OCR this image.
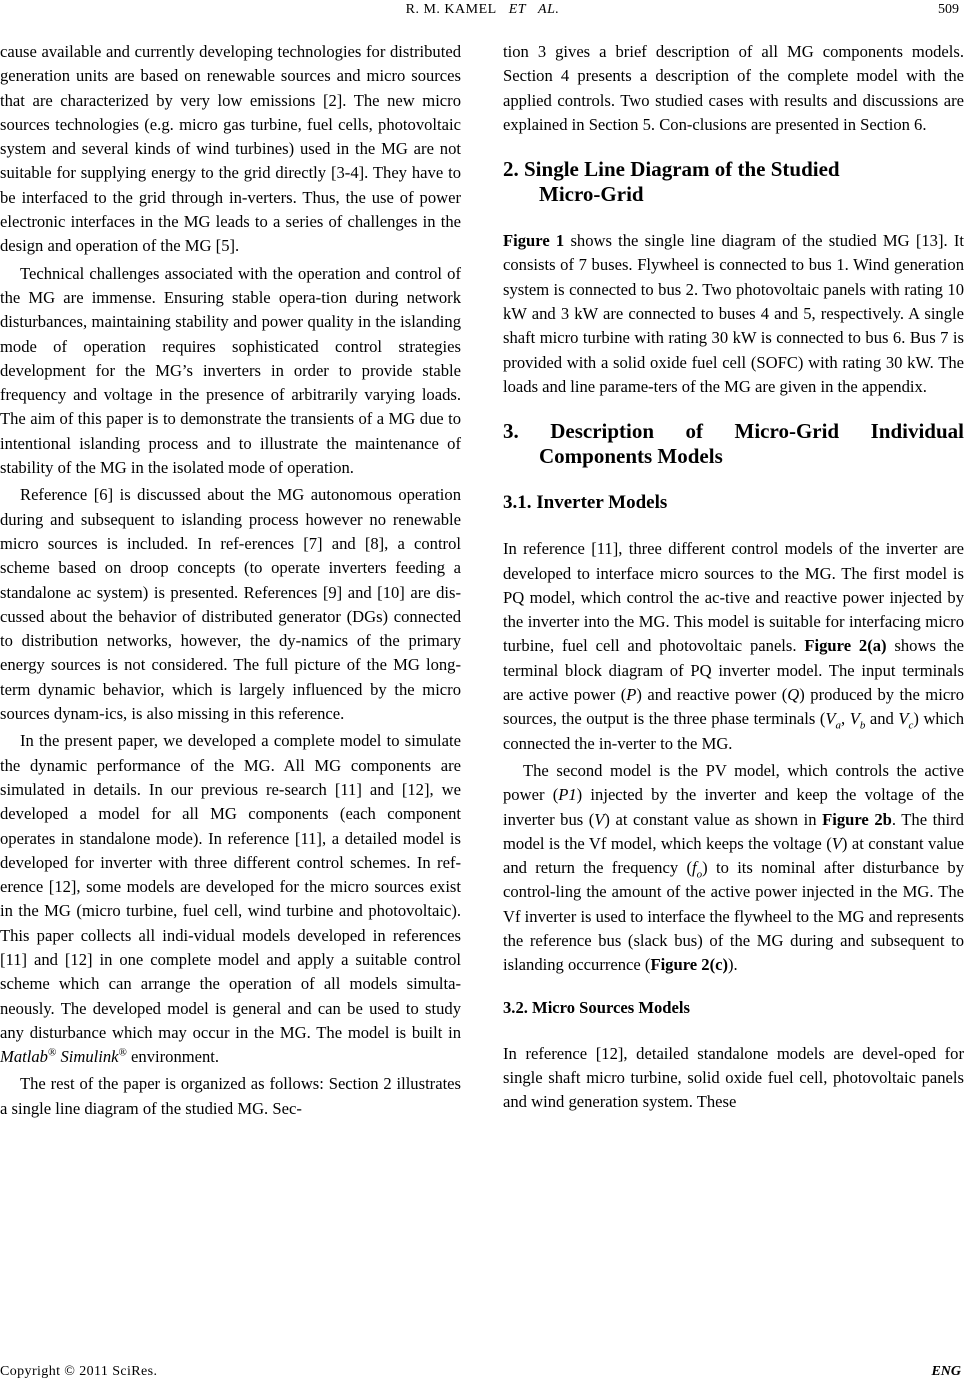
R. M. KAMEL ET AL.	509

cause available and currently developing technologies for distributed generation units are based on renewable sources and micro sources that are characterized by very low emissions [2]. The new micro sources technologies (e.g. micro gas turbine, fuel cells, photovoltaic system and several kinds of wind turbines) used in the MG are not suitable for supplying energy to the grid directly [3-4]. They have to be interfaced to the grid through in-verters. Thus, the use of power electronic interfaces in the MG leads to a series of challenges in the design and operation of the MG [5].

Technical challenges associated with the operation and control of the MG are immense. Ensuring stable opera-tion during network disturbances, maintaining stability and power quality in the islanding mode of operation requires sophisticated control strategies development for the MG’s inverters in order to provide stable frequency and voltage in the presence of arbitrarily varying loads. The aim of this paper is to demonstrate the transients of a MG due to intentional islanding process and to illustrate the maintenance of stability of the MG in the isolated mode of operation.

Reference [6] is discussed about the MG autonomous operation during and subsequent to islanding process however no renewable micro sources is included. In ref-erences [7] and [8], a control scheme based on droop concepts (to operate inverters feeding a standalone ac system) is presented. References [9] and [10] are dis-cussed about the behavior of distributed generator (DGs) connected to distribution networks, however, the dy-namics of the primary energy sources is not considered. The full picture of the MG long-term dynamic behavior, which is largely influenced by the micro sources dynam-ics, is also missing in this reference.

In the present paper, we developed a complete model to simulate the dynamic performance of the MG. All MG components are simulated in details. In our previous re-search [11] and [12], we developed a model for all MG components (each component operates in standalone mode). In reference [11], a detailed model is developed for inverter with three different control schemes. In ref-erence [12], some models are developed for the micro sources exist in the MG (micro turbine, fuel cell, wind turbine and photovoltaic). This paper collects all indi-vidual models developed in references [11] and [12] in one complete model and apply a suitable control scheme which can arrange the operation of all models simulta-neously. The developed model is general and can be used to study any disturbance which may occur in the MG. The model is built in Matlab® Simulink® environment.

The rest of the paper is organized as follows: Section 2 illustrates a single line diagram of the studied MG. Sec-

tion 3 gives a brief description of all MG components models. Section 4 presents a description of the complete model with the applied controls. Two studied cases with results and discussions are explained in Section 5. Con-clusions are presented in Section 6.

2. Single Line Diagram of the Studied
Micro-Grid

Figure 1 shows the single line diagram of the studied MG [13]. It consists of 7 buses. Flywheel is connected to bus 1. Wind generation system is connected to bus 2. Two photovoltaic panels with rating 10 kW and 3 kW are connected to buses 4 and 5, respectively. A single shaft micro turbine with rating 30 kW is connected to bus 6. Bus 7 is provided with a solid oxide fuel cell (SOFC) with rating 30 kW. The loads and line parame-ters of the MG are given in the appendix.

3. Description of Micro-Grid Individual
Components Models
3.1. Inverter Models

In reference [11], three different control models of the inverter are developed to interface micro sources to the MG. The first model is PQ model, which control the ac-tive and reactive power injected by the inverter into the MG. This model is suitable for interfacing micro turbine, fuel cell and photovoltaic panels. Figure 2(a) shows the terminal block diagram of PQ inverter model. The input terminals are active power (P) and reactive power (Q) produced by the micro sources, the output is the three phase terminals ($V_a$, $V_b$ and $V_c$) which connected the in-verter to the MG.

The second model is the PV model, which controls the active power (P1) injected by the inverter and keep the voltage of the inverter bus (V) at constant value as shown in Figure 2b. The third model is the Vf model, which keeps the voltage (V) at constant value and return the frequency $(f_o)$ to its nominal after disturbance by control-ling the amount of the active power injected in the MG. The Vf inverter is used to interface the flywheel to the MG and represents the reference bus (slack bus) of the MG during and subsequent to islanding occurrence (Figure 2(c)).

3.2. Micro Sources Models

In reference [12], detailed standalone models are devel-oped for single shaft micro turbine, solid oxide fuel cell, photovoltaic panels and wind generation system. These

Copyright © 2011 SciRes.	ENG
